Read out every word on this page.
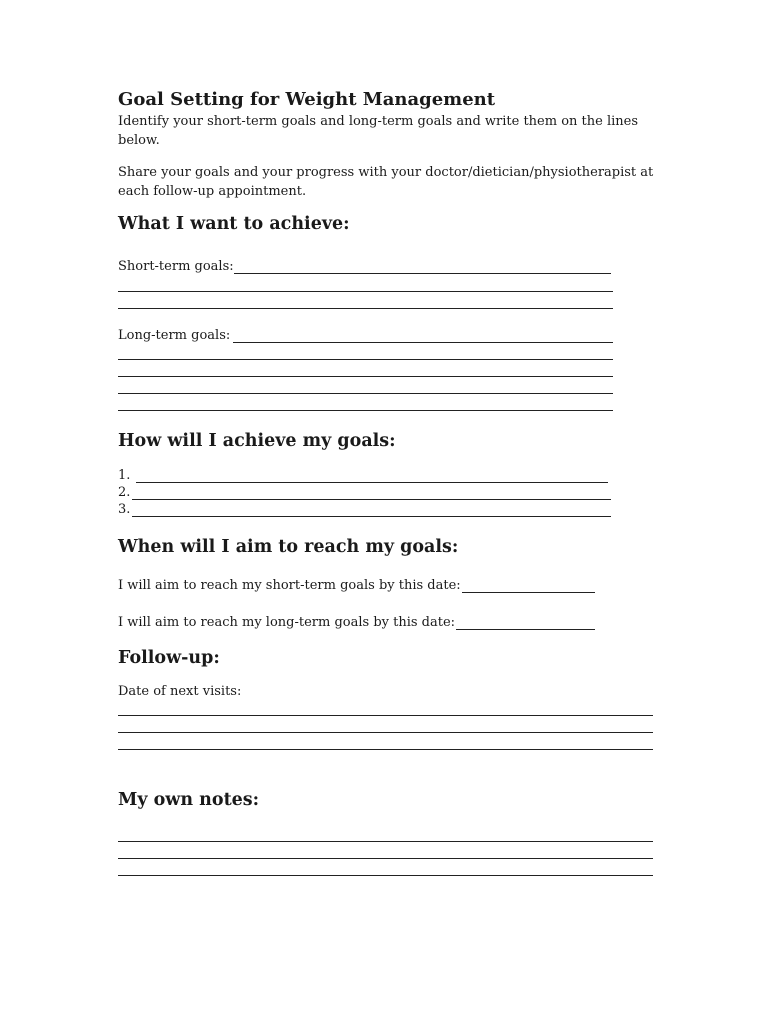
Goal Setting for Weight Management
Identify your short-term goals and long-term goals and write them on the lines below.
Share your goals and your progress with your doctor/dietician/physiotherapist at each follow-up appointment.
What I want to achieve:
Short-term goals:
Long-term goals:
How will I achieve my goals:
1.
2.
3.
When will I aim to reach my goals:
I will aim to reach my short-term goals by this date:
I will aim to reach my long-term goals by this date:
Follow-up:
Date of next visits:
My own notes:
